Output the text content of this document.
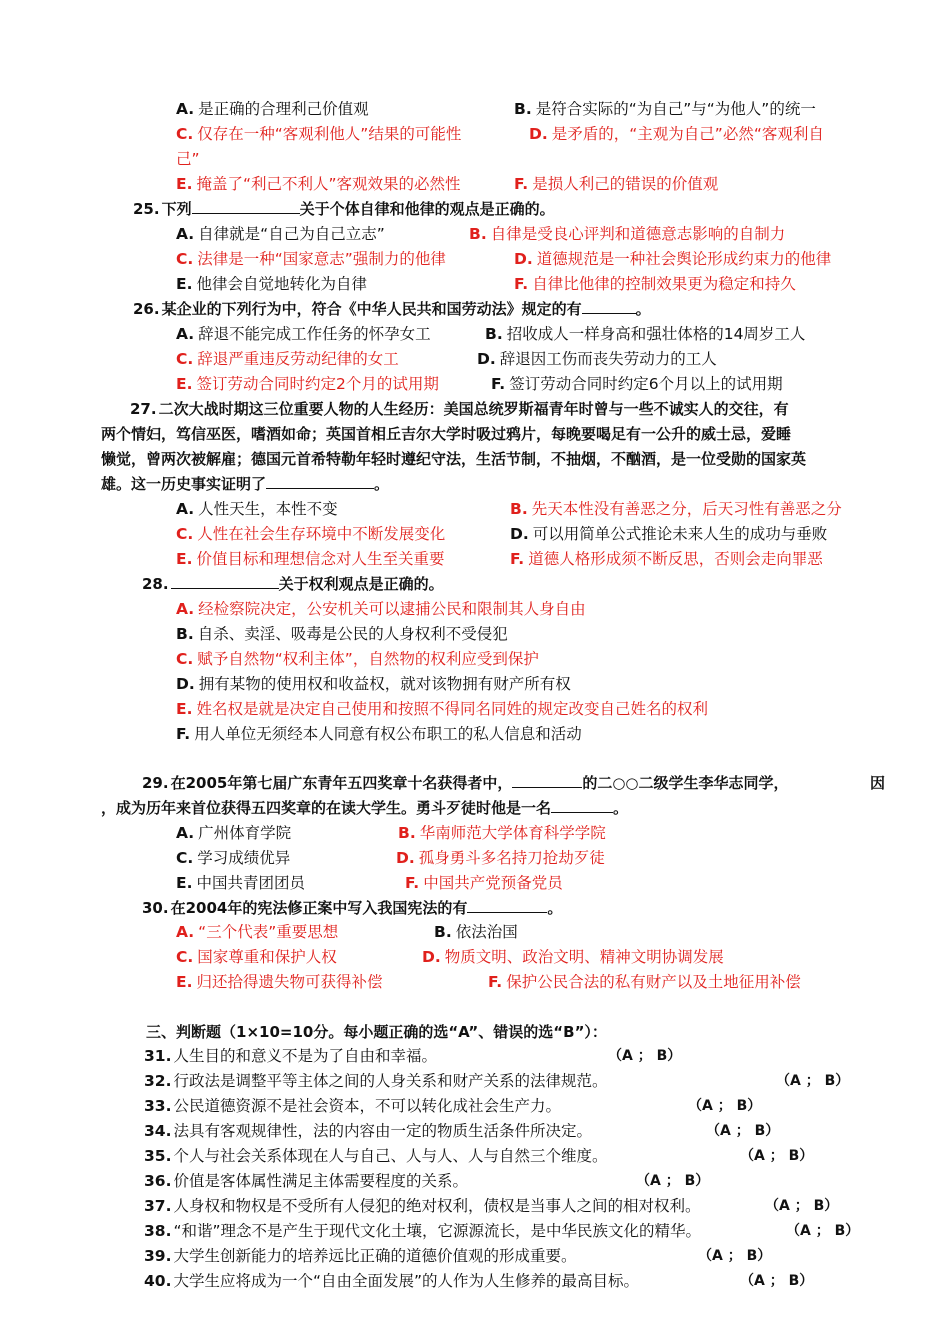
A. 是正确的合理利己价值观	B. 是符合实际的“为自己”与“为他人”的统一
C. 仅存在一种“客观利他人”结果的可能性	D. 是矛盾的，“主观为自己”必然“客观利自
己”
E. 掩盖了“利己不利人”客观效果的必然性	F. 是损人利己的错误的价值观
25. 下列	关于个体自律和他律的观点是正确的。
A. 自律就是“自己为自己立志”	B. 自律是受良心评判和道德意志影响的自制力
C. 法律是一种“国家意志”强制力的他律	D. 道德规范是一种社会舆论形成约束力的他律
E. 他律会自觉地转化为自律	F. 自律比他律的控制效果更为稳定和持久
26. 某企业的下列行为中，符合《中华人民共和国劳动法》规定的有	。
A. 辞退不能完成工作任务的怀孕女工	B. 招收成人一样身高和强壮体格的14周岁工人
C. 辞退严重违反劳动纪律的女工	D. 辞退因工伤而丧失劳动力的工人
E. 签订劳动合同时约定2个月的试用期	F. 签订劳动合同时约定6个月以上的试用期
27. 二次大战时期这三位重要人物的人生经历：美国总统罗斯福青年时曾与一些不诚实人的交往，有
两个情妇，笃信巫医，嗜酒如命；英国首相丘吉尔大学时吸过鸦片，每晚要喝足有一公升的威士忌，爱睡
懒觉，曾两次被解雇；德国元首希特勒年轻时遵纪守法，生活节制，不抽烟，不酗酒，是一位受勋的国家英
雄。这一历史事实证明了	。
A. 人性天生，本性不变	B. 先天本性没有善恶之分，后天习性有善恶之分
C. 人性在社会生存环境中不断发展变化	D. 可以用简单公式推论未来人生的成功与垂败
E. 价值目标和理想信念对人生至关重要	F. 道德人格形成须不断反思，否则会走向罪恶
28.	关于权利观点是正确的。
A. 经检察院决定，公安机关可以逮捕公民和限制其人身自由
B. 自杀、卖淫、吸毒是公民的人身权利不受侵犯
C. 赋予自然物“权利主体”，自然物的权利应受到保护
D. 拥有某物的使用权和收益权，就对该物拥有财产所有权
E. 姓名权是就是决定自己使用和按照不得同名同姓的规定改变自己姓名的权利
F. 用人单位无须经本人同意有权公布职工的私人信息和活动
29. 在2005年第七届广东青年五四奖章十名获得者中，	的二○○二级学生李华志同学，	因
，成为历年来首位获得五四奖章的在读大学生。勇斗歹徒时他是一名	。
A. 广州体育学院	B. 华南师范大学体育科学学院
C. 学习成绩优异	D. 孤身勇斗多名持刀抢劫歹徒
E. 中国共青团团员	F. 中国共产党预备党员
30. 在2004年的宪法修正案中写入我国宪法的有	。
A. “三个代表”重要思想	B. 依法治国
C. 国家尊重和保护人权	D. 物质文明、政治文明、精神文明协调发展
E. 归还拾得遗失物可获得补偿	F. 保护公民合法的私有财产以及土地征用补偿
三、判断题（1×10=10分。每小题正确的选“A”、错误的选“B”）：
31. 人生目的和意义不是为了自由和幸福。	（A ； B）
32. 行政法是调整平等主体之间的人身关系和财产关系的法律规范。	（A ； B）
33. 公民道德资源不是社会资本，不可以转化成社会生产力。	（A ； B）
34. 法具有客观规律性，法的内容由一定的物质生活条件所决定。	（A ； B）
35. 个人与社会关系体现在人与自己、人与人、人与自然三个维度。	（A ； B）
36. 价值是客体属性满足主体需要程度的关系。	（A ； B）
37. 人身权和物权是不受所有人侵犯的绝对权利，债权是当事人之间的相对权利。	（A ； B）
38. “和谐”理念不是产生于现代文化土壤，它源源流长，是中华民族文化的精华。	（A ； B）
39. 大学生创新能力的培养远比正确的道德价值观的形成重要。	（A ； B）
40. 大学生应将成为一个“自由全面发展”的人作为人生修养的最高目标。	（A ； B）
